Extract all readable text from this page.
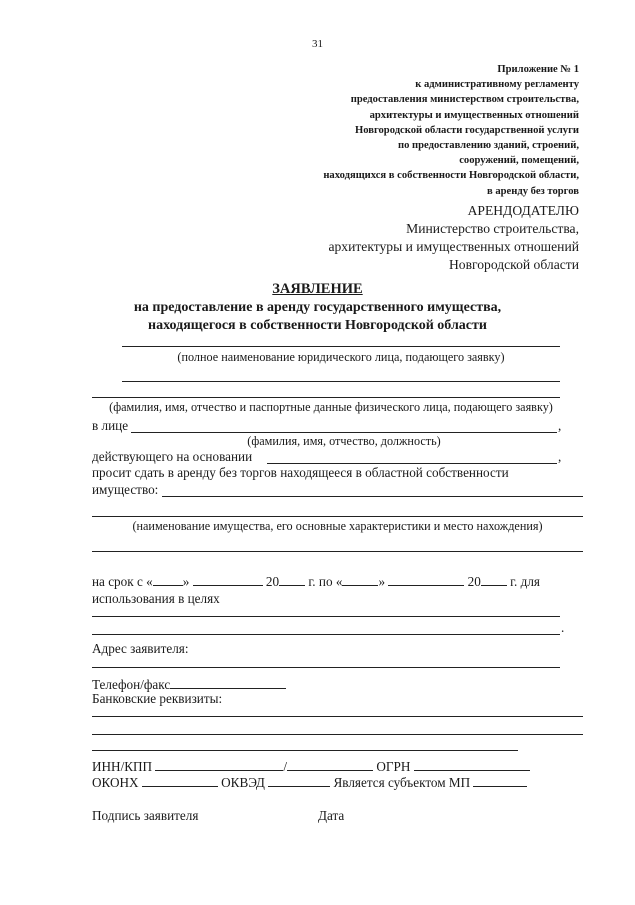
31
Приложение № 1
к административному регламенту
предоставления министерством строительства,
архитектуры и имущественных отношений
Новгородской области государственной услуги
по предоставлению зданий, строений,
сооружений, помещений,
находящихся в собственности Новгородской области,
в аренду без торгов
АРЕНДОДАТЕЛЮ
Министерство строительства,
архитектуры и имущественных отношений
Новгородской области
ЗАЯВЛЕНИЕ
на предоставление в аренду государственного имущества,
находящегося в собственности Новгородской области
(полное наименование юридического лица, подающего заявку)
(фамилия, имя, отчество и паспортные данные физического лица, подающего заявку)
в лице	,
(фамилия, имя, отчество, должность)
действующего на основании	,
просит сдать в аренду без торгов находящееся в областной собственности
имущество:
(наименование имущества, его основные характеристики и место нахождения)
на срок с « »	20 г. по «	»	20 г. для
использования в целях
.
Адрес заявителя:
Телефон/факс
Банковские реквизиты:
ИНН/КПП	/	ОГРН
ОКОНХ	ОКВЭД	Является субъектом МП
Подпись заявителя	Дата
